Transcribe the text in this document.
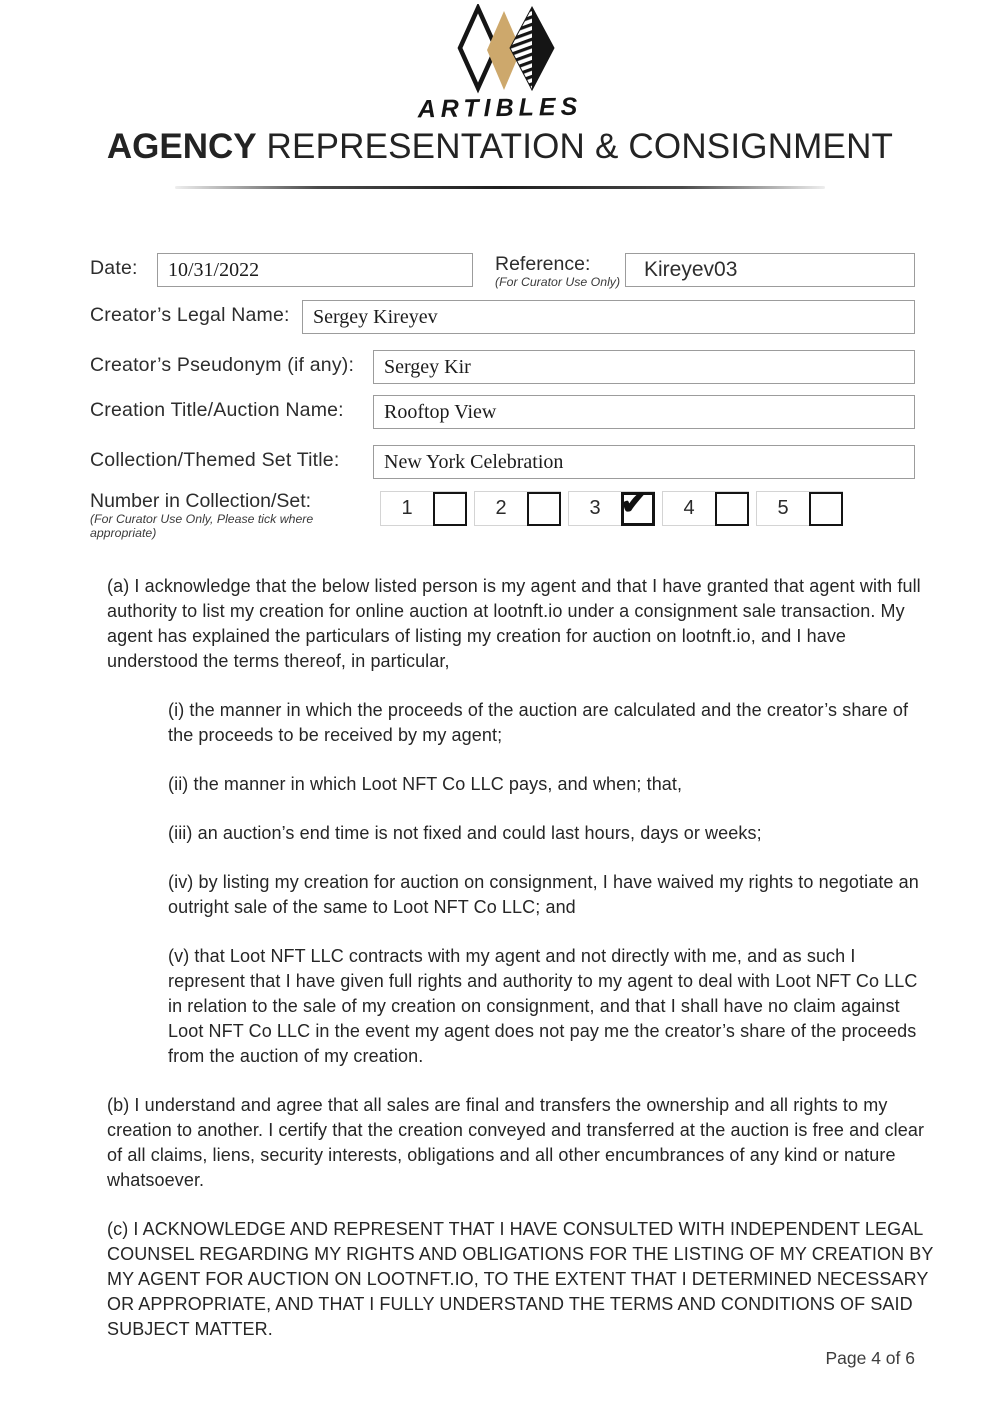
ARTIBLES
AGENCY REPRESENTATION & CONSIGNMENT
Date:	10/31/2022	Reference:
(For Curator Use Only)
Kireyev03
Creator’s Legal Name:	Sergey Kireyev
Creator’s Pseudonym (if any):	Sergey Kir
Creation Title/Auction Name:	Rooftop View
Collection/Themed Set Title:	New York Celebration
Number in Collection/Set:
(For Curator Use Only, Please tick where appropriate)
1	2	3 ✔	4	5

(a) I acknowledge that the below listed person is my agent and that I have granted that agent with full authority to list my creation for online auction at lootnft.io under a consignment sale transaction. My agent has explained the particulars of listing my creation for auction on lootnft.io, and I have understood the terms thereof, in particular,

(i) the manner in which the proceeds of the auction are calculated and the creator’s share of the proceeds to be received by my agent;

(ii) the manner in which Loot NFT Co LLC pays, and when; that,

(iii) an auction’s end time is not fixed and could last hours, days or weeks;

(iv) by listing my creation for auction on consignment, I have waived my rights to negotiate an outright sale of the same to Loot NFT Co LLC; and

(v) that Loot NFT LLC contracts with my agent and not directly with me, and as such I represent that I have given full rights and authority to my agent to deal with Loot NFT Co LLC in relation to the sale of my creation on consignment, and that I shall have no claim against Loot NFT Co LLC in the event my agent does not pay me the creator’s share of the proceeds from the auction of my creation.

(b) I understand and agree that all sales are final and transfers the ownership and all rights to my creation to another. I certify that the creation conveyed and transferred at the auction is free and clear of all claims, liens, security interests, obligations and all other encumbrances of any kind or nature whatsoever.

(c) I ACKNOWLEDGE AND REPRESENT THAT I HAVE CONSULTED WITH INDEPENDENT LEGAL COUNSEL REGARDING MY RIGHTS AND OBLIGATIONS FOR THE LISTING OF MY CREATION BY MY AGENT FOR AUCTION ON LOOTNFT.IO, TO THE EXTENT THAT I DETERMINED NECESSARY OR APPROPRIATE, AND THAT I FULLY UNDERSTAND THE TERMS AND CONDITIONS OF SAID SUBJECT MATTER.

Page 4 of 6
